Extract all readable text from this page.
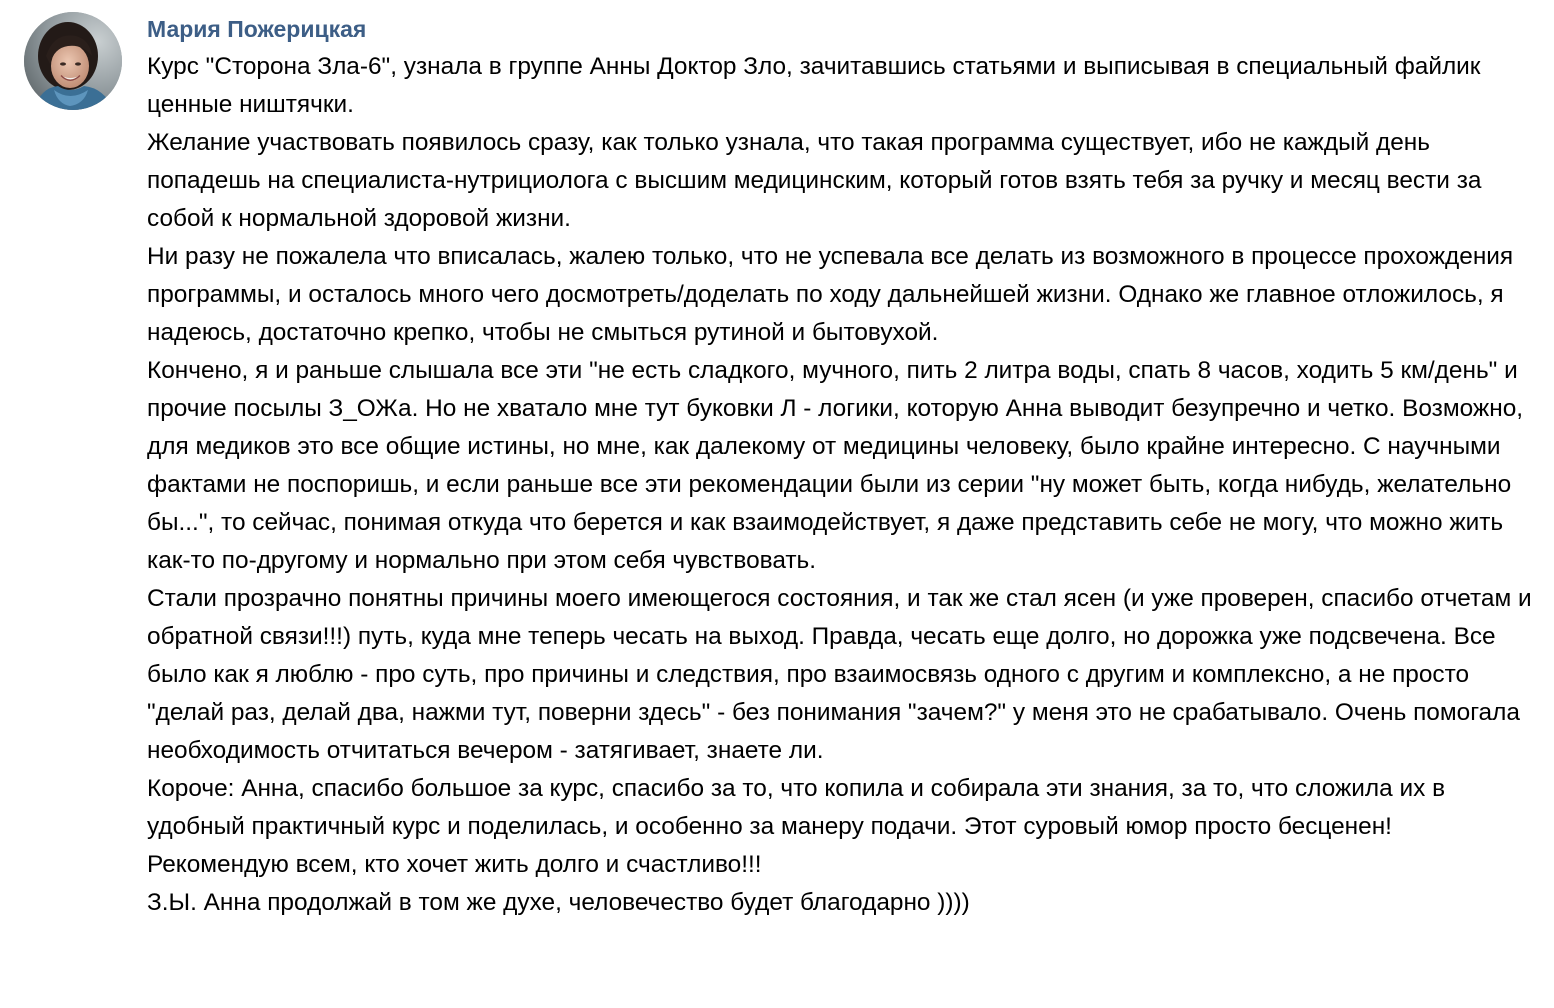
Мария Пожерицкая
Курс "Сторона Зла-6", узнала в группе Анны Доктор Зло, зачитавшись статьями и выписывая в специальный файлик ценные ништячки.
Желание участвовать появилось сразу, как только узнала, что такая программа существует, ибо не каждый день попадешь на специалиста-нутрициолога с высшим медицинским, который готов взять тебя за ручку и месяц вести за собой к нормальной здоровой жизни.
Ни разу не пожалела что вписалась, жалею только, что не успевала все делать из возможного в процессе прохождения программы, и осталось много чего досмотреть/доделать по ходу дальнейшей жизни. Однако же главное отложилось, я надеюсь, достаточно крепко, чтобы не смыться рутиной и бытовухой.
Кончено, я и раньше слышала все эти "не есть сладкого, мучного, пить 2 литра воды, спать 8 часов, ходить 5 км/день" и прочие посылы З_ОЖа. Но не хватало мне тут буковки Л - логики, которую Анна выводит безупречно и четко. Возможно, для медиков это все общие истины, но мне, как далекому от медицины человеку, было крайне интересно. С научными фактами не поспоришь, и если раньше все эти рекомендации были из серии "ну может быть, когда нибудь, желательно бы...", то сейчас, понимая откуда что берется и как взаимодействует, я даже представить себе не могу, что можно жить как-то по-другому и нормально при этом себя чувствовать.
Стали прозрачно понятны причины моего имеющегося состояния, и так же стал ясен (и уже проверен, спасибо отчетам и обратной связи!!!) путь, куда мне теперь чесать на выход. Правда, чесать еще долго, но дорожка уже подсвечена. Все было как я люблю - про суть, про причины и следствия, про взаимосвязь одного с другим и комплексно, а не просто "делай раз, делай два, нажми тут, поверни здесь" - без понимания "зачем?" у меня это не срабатывало. Очень помогала необходимость отчитаться вечером - затягивает, знаете ли.
Короче: Анна, спасибо большое за курс, спасибо за то, что копила и собирала эти знания, за то, что сложила их в удобный практичный курс и поделилась, и особенно за манеру подачи. Этот суровый юмор просто бесценен! Рекомендую всем, кто хочет жить долго и счастливо!!!
З.Ы. Анна продолжай в том же духе, человечество будет благодарно ))))
